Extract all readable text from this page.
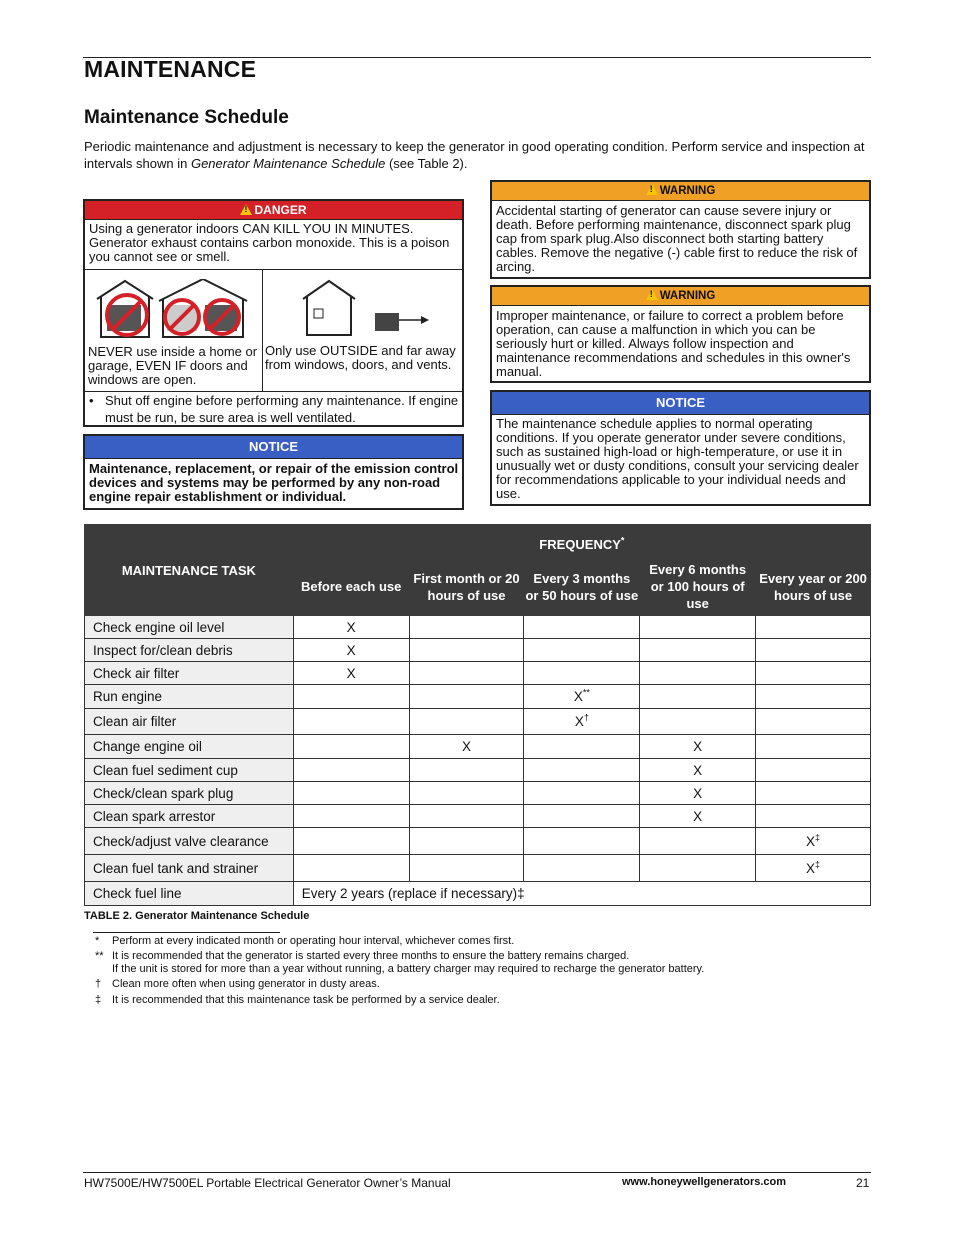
MAINTENANCE
Maintenance Schedule
Periodic maintenance and adjustment is necessary to keep the generator in good operating condition. Perform service and inspection at intervals shown in Generator Maintenance Schedule (see Table 2).
! DANGER
Using a generator indoors CAN KILL YOU IN MINUTES. Generator exhaust contains carbon monoxide. This is a poison you cannot see or smell.
NEVER use inside a home or garage, EVEN IF doors and windows are open.
Only use OUTSIDE and far away from windows, doors, and vents.
• Shut off engine before performing any maintenance. If engine must be run, be sure area is well ventilated.
NOTICE
Maintenance, replacement, or repair of the emission control devices and systems may be performed by any non-road engine repair establishment or individual.
! WARNING
Accidental starting of generator can cause severe injury or death. Before performing maintenance, disconnect spark plug cap from spark plug.Also disconnect both starting battery cables. Remove the negative (-) cable first to reduce the risk of arcing.
! WARNING
Improper maintenance, or failure to correct a problem before operation, can cause a malfunction in which you can be seriously hurt or killed. Always follow inspection and maintenance recommendations and schedules in this owner's manual.
NOTICE
The maintenance schedule applies to normal operating conditions. If you operate generator under severe conditions, such as sustained high-load or high-temperature, or use it in unusually wet or dusty conditions, consult your servicing dealer for recommendations applicable to your individual needs and use.
MAINTENANCE TASK	FREQUENCY*
	Before each use	First month or 20 hours of use	Every 3 months or 50 hours of use	Every 6 months or 100 hours of use	Every year or 200 hours of use
Check engine oil level	X				
Inspect for/clean debris	X				
Check air filter	X				
Run engine			X**		
Clean air filter			X†		
Change engine oil		X		X	
Clean fuel sediment cup				X	
Check/clean spark plug				X	
Clean spark arrestor				X	
Check/adjust valve clearance					X‡
Clean fuel tank and strainer					X‡
Check fuel line	Every 2 years (replace if necessary)‡				
TABLE 2. Generator Maintenance Schedule
* Perform at every indicated month or operating hour interval, whichever comes first.
** It is recommended that the generator is started every three months to ensure the battery remains charged.
If the unit is stored for more than a year without running, a battery charger may required to recharge the generator battery.
† Clean more often when using generator in dusty areas.
‡ It is recommended that this maintenance task be performed by a service dealer.
HW7500E/HW7500EL Portable Electrical Generator Owner’s Manual	www.honeywellgenerators.com	21
